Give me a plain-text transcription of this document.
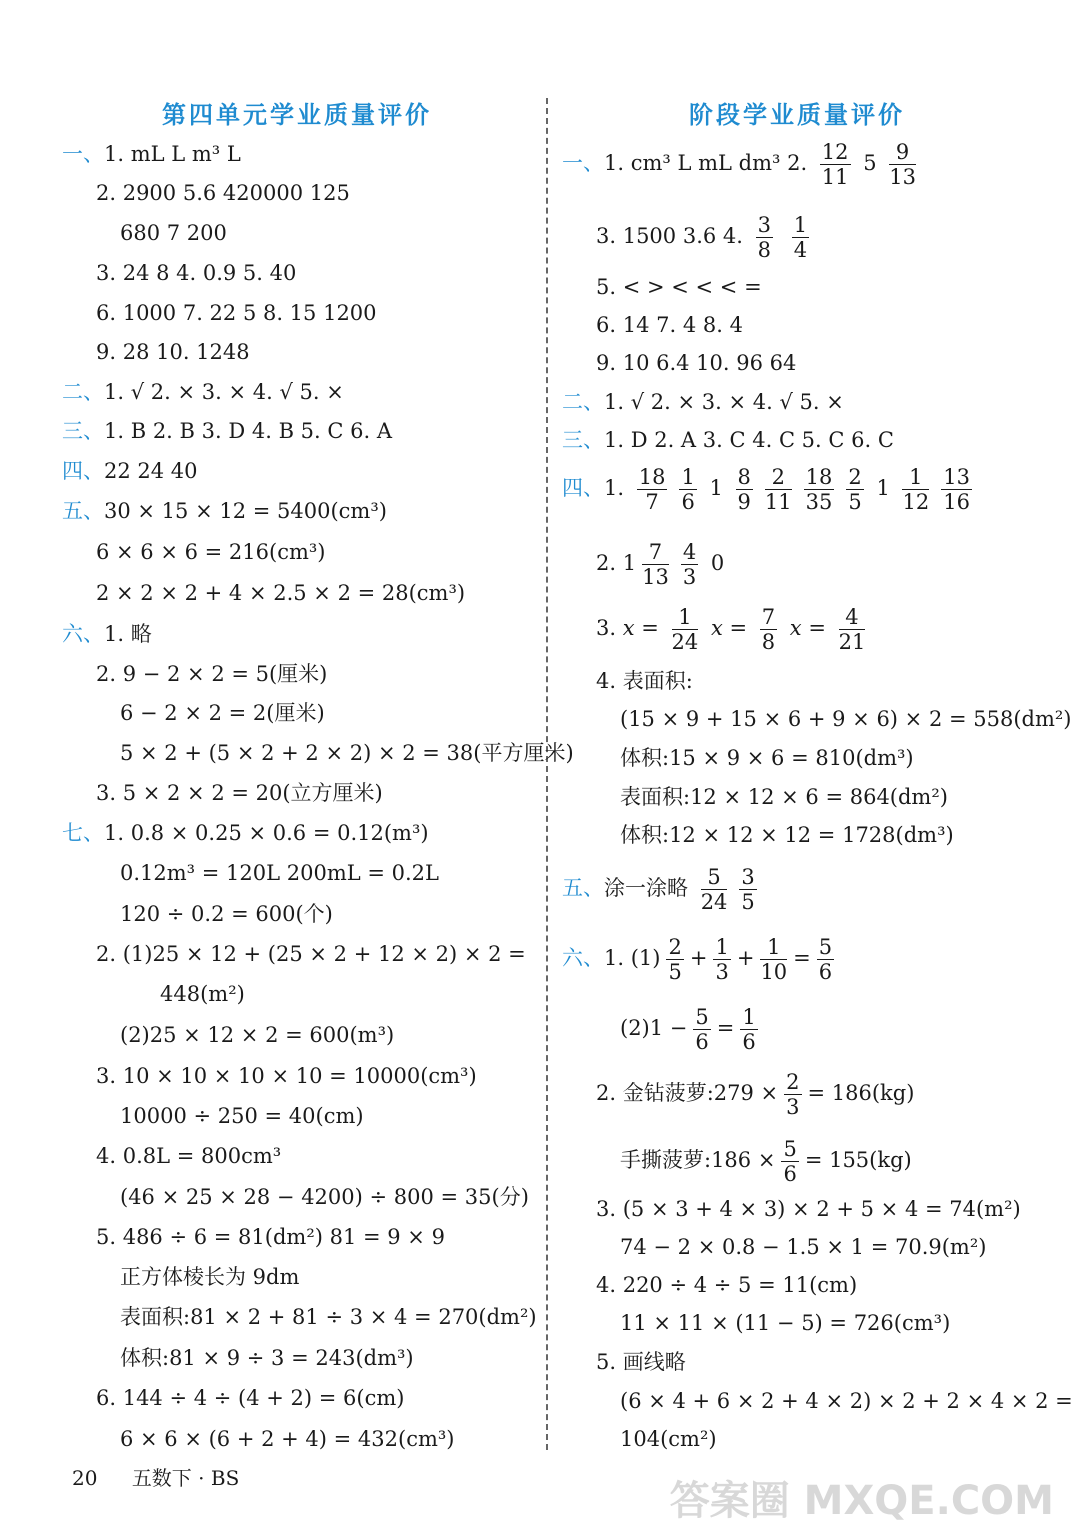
第四单元学业质量评价
一、1. mL L m³ L
2. 2900 5.6 420000 125
680 7 200
3. 24 8 4. 0.9 5. 40
6. 1000 7. 22 5 8. 15 1200
9. 28 10. 1248
二、1. √ 2. × 3. × 4. √ 5. ×
三、1. B 2. B 3. D 4. B 5. C 6. A
四、22 24 40
五、30 × 15 × 12 = 5400(cm³)
6 × 6 × 6 = 216(cm³)
2 × 2 × 2 + 4 × 2.5 × 2 = 28(cm³)
六、1. 略
2. 9 − 2 × 2 = 5(厘米)
6 − 2 × 2 = 2(厘米)
5 × 2 + (5 × 2 + 2 × 2) × 2 = 38(平方厘米)
3. 5 × 2 × 2 = 20(立方厘米)
七、1. 0.8 × 0.25 × 0.6 = 0.12(m³)
0.12m³ = 120L 200mL = 0.2L
120 ÷ 0.2 = 600(个)
2. (1)25 × 12 + (25 × 2 + 12 × 2) × 2 =
448(m²)
(2)25 × 12 × 2 = 600(m³)
3. 10 × 10 × 10 × 10 = 10000(cm³)
10000 ÷ 250 = 40(cm)
4. 0.8L = 800cm³
(46 × 25 × 28 − 4200) ÷ 800 = 35(分)
5. 486 ÷ 6 = 81(dm²) 81 = 9 × 9
正方体棱长为 9dm
表面积:81 × 2 + 81 ÷ 3 × 4 = 270(dm²)
体积:81 × 9 ÷ 3 = 243(dm³)
6. 144 ÷ 4 ÷ (4 + 2) = 6(cm)
6 × 6 × (6 + 2 + 4) = 432(cm³)
阶段学业质量评价
一、1. cm³ L mL dm³ 2. $\frac{12}{11} 5 \frac{9}{13}$
3. 1500 3.6 4. $\frac{3}{8}$
$\frac{1}{4}$
5. < > < < < =
6. 14 7. 4 8. 4
9. 10 6.4 10. 96 64
二、1. √ 2. × 3. × 4. √ 5. ×
三、1. D 2. A 3. C 4. C 5. C 6. C
四、1. $\frac{18}{7} \frac{1}{6} 1 \frac{8}{9} \frac{2}{11} \frac{18}{35} \frac{2}{5} 1 \frac{1}{12} \frac{13}{16}$
2. $1 \frac{7}{13} \frac{4}{3} 0$
3. $x = \frac{1}{24}$ $x = \frac{7}{8}$ $x = \frac{4}{21}$
4. 表面积:
(15 × 9 + 15 × 6 + 9 × 6) × 2 = 558(dm²)
体积:15 × 9 × 6 = 810(dm³)
表面积:12 × 12 × 6 = 864(dm²)
体积:12 × 12 × 12 = 1728(dm³)
五、涂一涂略 $\frac{5}{24} \frac{3}{5}$
六、1. $(1) \frac{2}{5} + \frac{1}{3} + \frac{1}{10} = \frac{5}{6}$
$(2)1 - \frac{5}{6} = \frac{1}{6}$
2. 金钻菠萝:279 × $\frac{2}{3} = 186(kg)$
手撕菠萝:186 × $\frac{5}{6} = 155(kg)$
3. (5 × 3 + 4 × 3) × 2 + 5 × 4 = 74(m²)
74 − 2 × 0.8 − 1.5 × 1 = 70.9(m²)
4. 220 ÷ 4 ÷ 5 = 11(cm)
11 × 11 × (11 − 5) = 726(cm³)
5. 画线略
(6 × 4 + 6 × 2 + 4 × 2) × 2 + 2 × 4 × 2 =
104(cm²)
20 五数下 · BS	答案圈 MXQE.COM
